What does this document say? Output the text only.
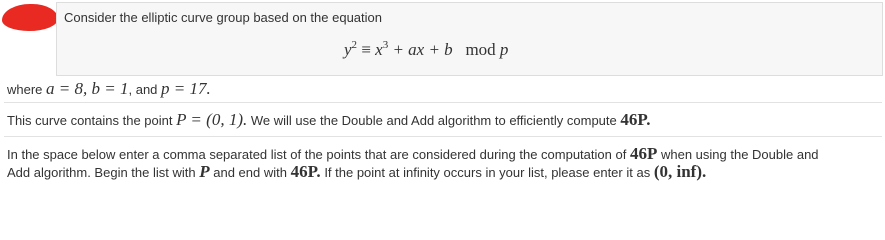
Consider the elliptic curve group based on the equation
$y^2 \equiv x^3$ + ax + b mod p
where a = 8, b = 1, and p = 17.
This curve contains the point P = (0, 1). We will use the Double and Add algorithm to efficiently compute 46P.
In the space below enter a comma separated list of the points that are considered during the computation of 46P when using the Double and
Add algorithm. Begin the list with P and end with 46P. If the point at infinity occurs in your list, please enter it as (0, inf).
